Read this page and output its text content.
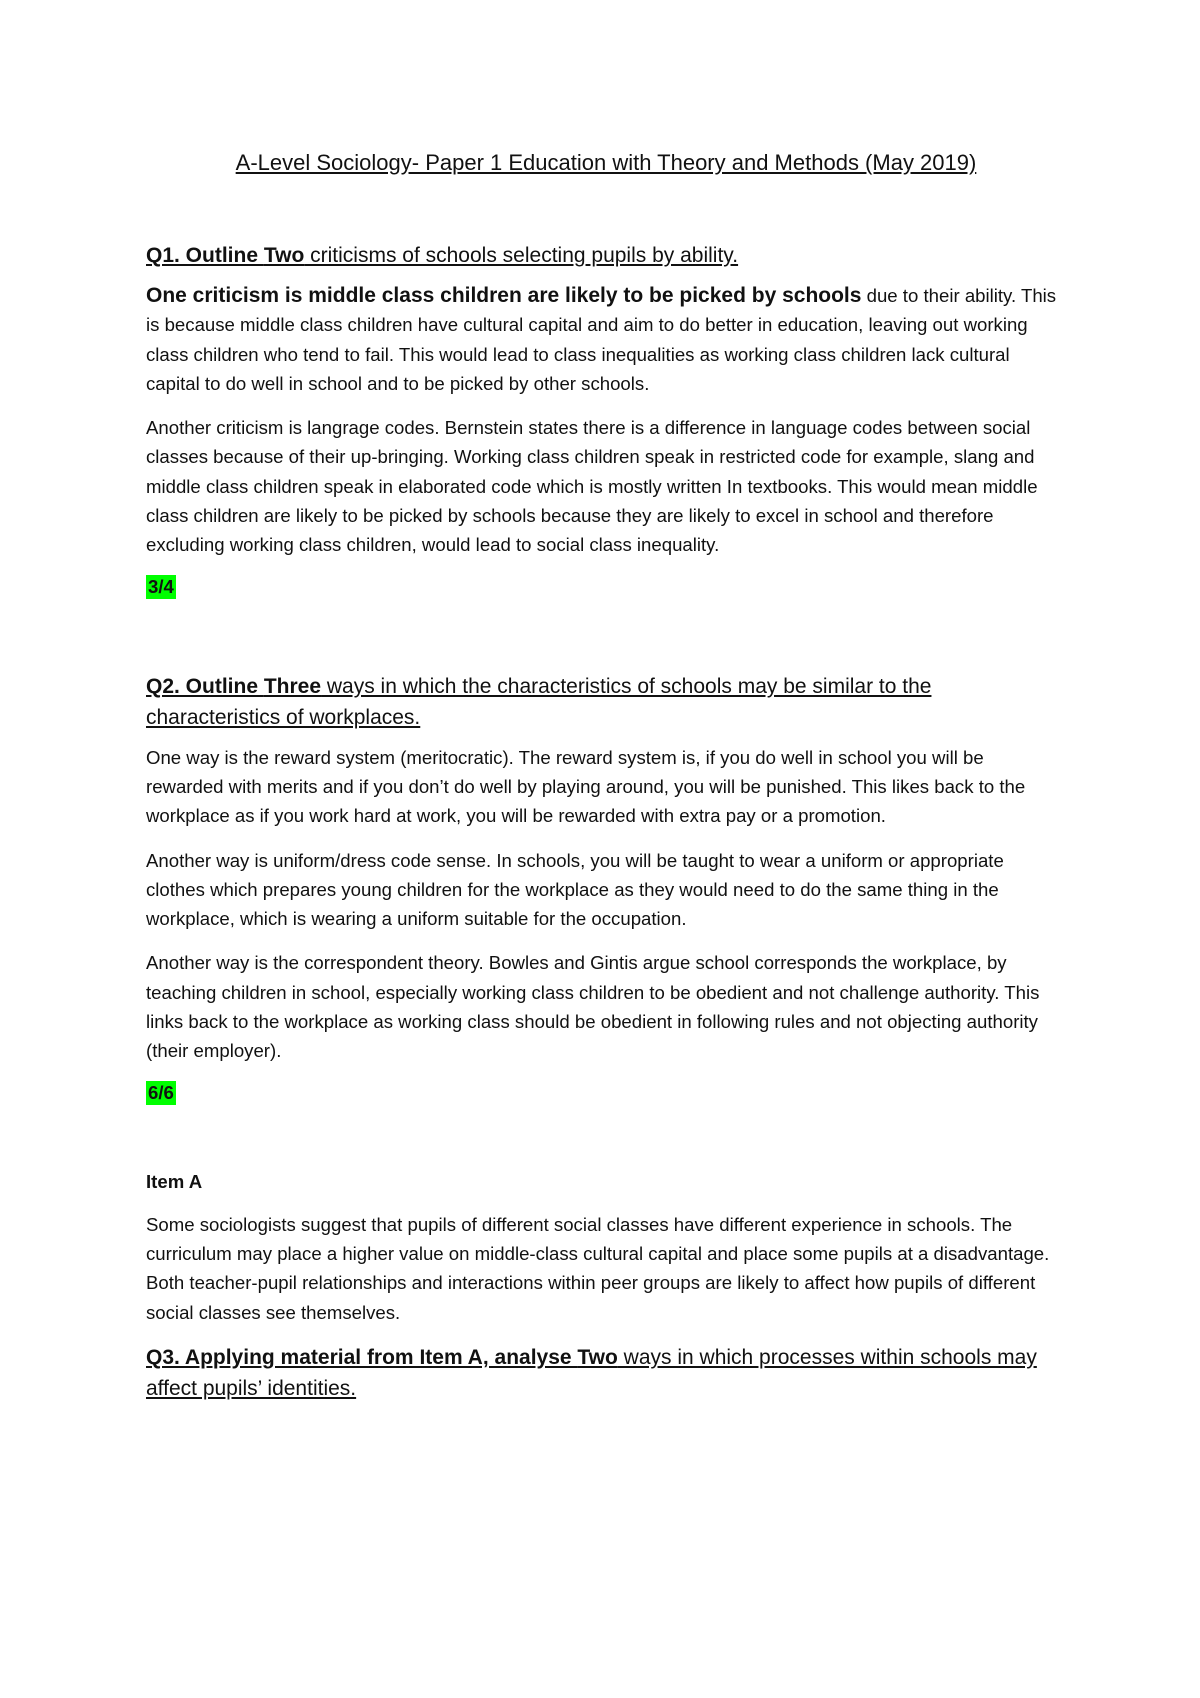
A-Level Sociology- Paper 1 Education with Theory and Methods (May 2019)
Q1. Outline Two criticisms of schools selecting pupils by ability.
One criticism is middle class children are likely to be picked by schools due to their ability. This is because middle class children have cultural capital and aim to do better in education, leaving out working class children who tend to fail. This would lead to class inequalities as working class children lack cultural capital to do well in school and to be picked by other schools.
Another criticism is langrage codes. Bernstein states there is a difference in language codes between social classes because of their up-bringing. Working class children speak in restricted code for example, slang and middle class children speak in elaborated code which is mostly written In textbooks. This would mean middle class children are likely to be picked by schools because they are likely to excel in school and therefore excluding working class children, would lead to social class inequality.
3/4
Q2. Outline Three ways in which the characteristics of schools may be similar to the characteristics of workplaces.
One way is the reward system (meritocratic). The reward system is, if you do well in school you will be rewarded with merits and if you don’t do well by playing around, you will be punished. This likes back to the workplace as if you work hard at work, you will be rewarded with extra pay or a promotion.
Another way is uniform/dress code sense. In schools, you will be taught to wear a uniform or appropriate clothes which prepares young children for the workplace as they would need to do the same thing in the workplace, which is wearing a uniform suitable for the occupation.
Another way is the correspondent theory. Bowles and Gintis argue school corresponds the workplace, by teaching children in school, especially working class children to be obedient and not challenge authority. This links back to the workplace as working class should be obedient in following rules and not objecting authority (their employer).
6/6
Item A
Some sociologists suggest that pupils of different social classes have different experience in schools. The curriculum may place a higher value on middle-class cultural capital and place some pupils at a disadvantage. Both teacher-pupil relationships and interactions within peer groups are likely to affect how pupils of different social classes see themselves.
Q3. Applying material from Item A, analyse Two ways in which processes within schools may affect pupils’ identities.
